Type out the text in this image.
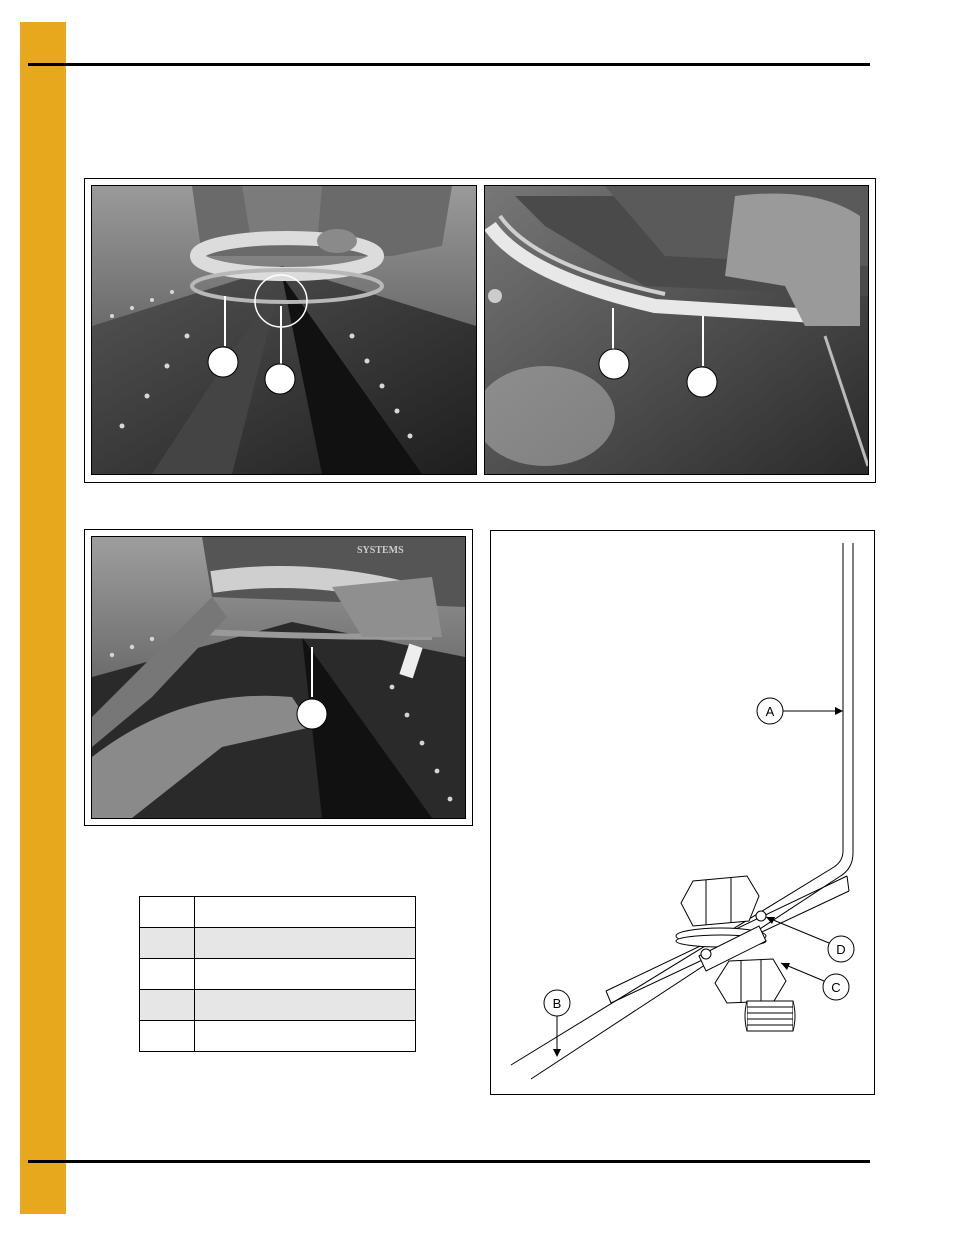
SYSTEMS

A
D
C
B
